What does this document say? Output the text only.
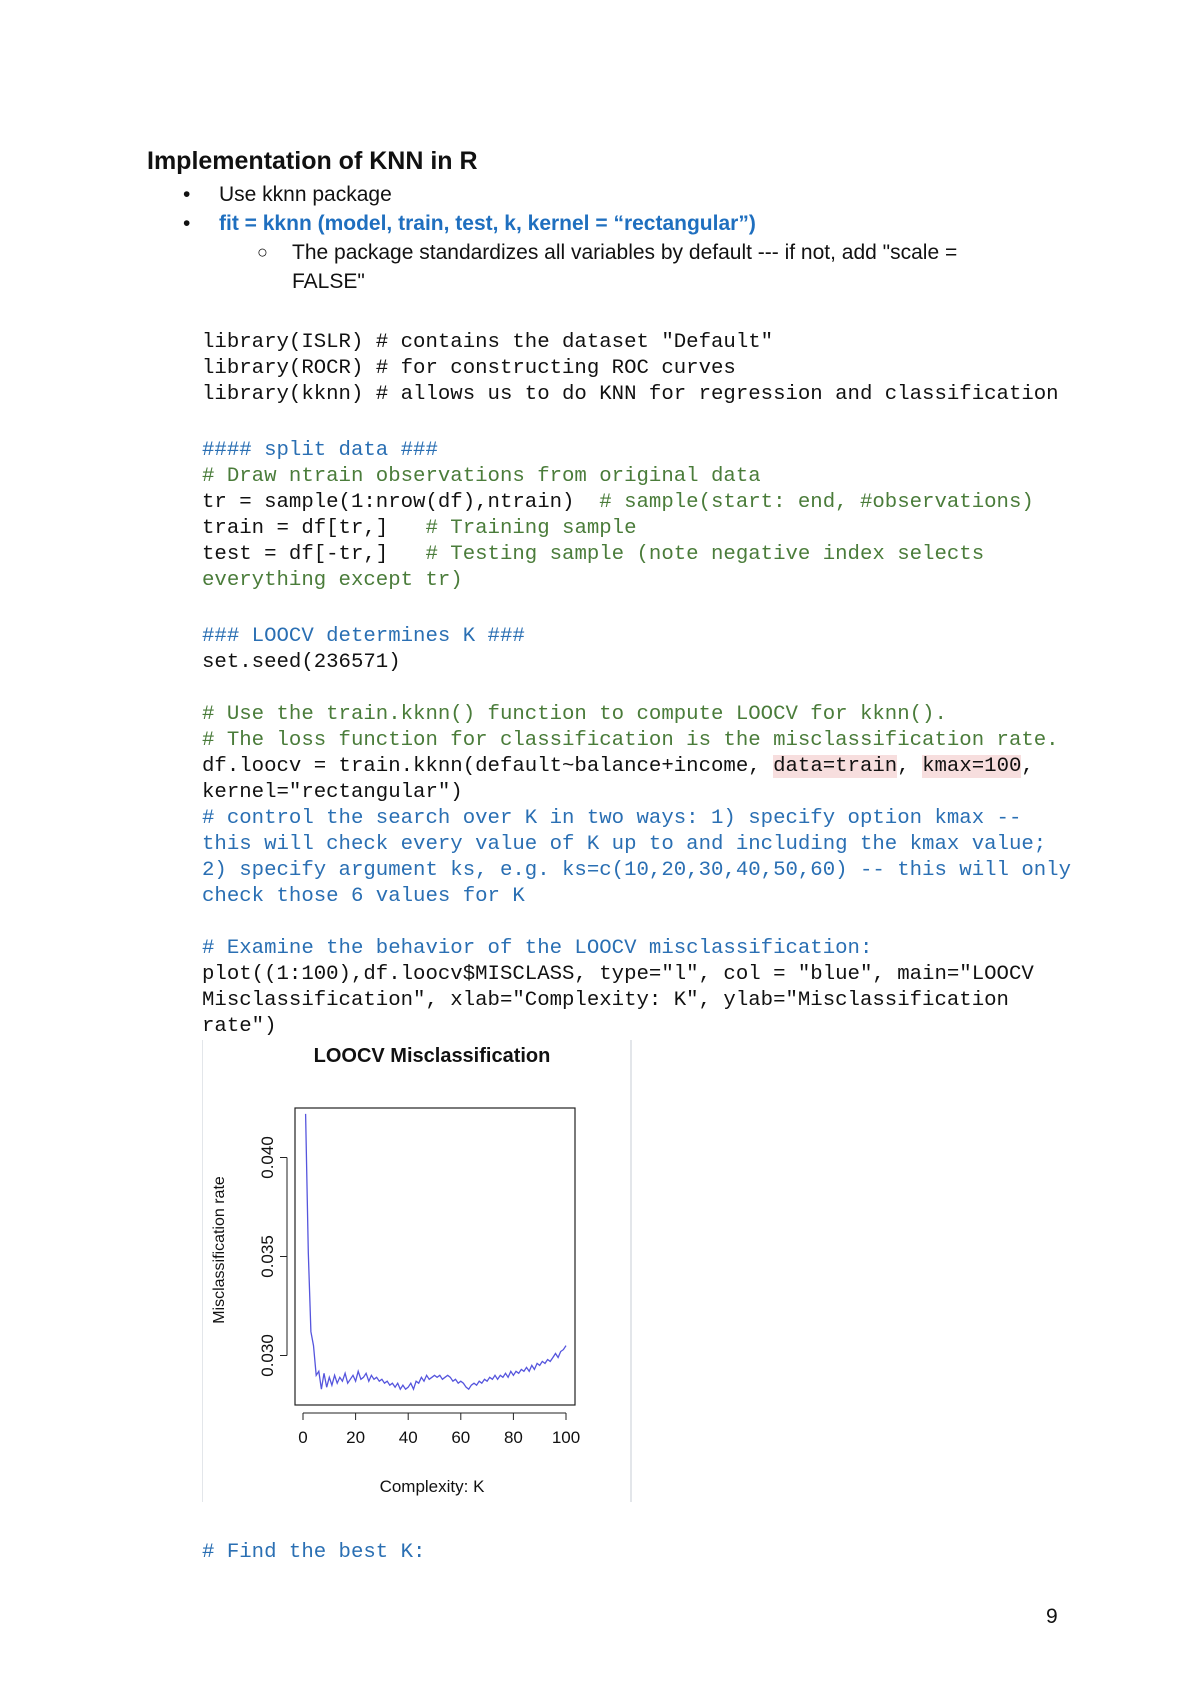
Implementation of KNN in R
• Use kknn package
• fit = kknn (model, train, test, k, kernel = “rectangular”)
○ The package standardizes all variables by default --- if not, add "scale = FALSE"
library(ISLR) # contains the dataset "Default"
library(ROCR) # for constructing ROC curves
library(kknn) # allows us to do KNN for regression and classification
#### split data ###
# Draw ntrain observations from original data
tr = sample(1:nrow(df),ntrain)  # sample(start: end, #observations)
train = df[tr,]   # Training sample
test = df[-tr,]   # Testing sample (note negative index selects
everything except tr)
### LOOCV determines K ###
set.seed(236571)
# Use the train.kknn() function to compute LOOCV for kknn().
# The loss function for classification is the misclassification rate.
df.loocv = train.kknn(default~balance+income, data=train, kmax=100,
kernel="rectangular")
# control the search over K in two ways: 1) specify option kmax --
this will check every value of K up to and including the kmax value;
2) specify argument ks, e.g. ks=c(10,20,30,40,50,60) -- this will only
check those 6 values for K
# Examine the behavior of the LOOCV misclassification:
plot((1:100),df.loocv$MISCLASS, type="l", col = "blue", main="LOOCV
Misclassification", xlab="Complexity: K", ylab="Misclassification
rate")
LOOCV Misclassification
0 20 40 60 80 100
0.030
0.035
0.040
Complexity: K
Misclassification rate
# Find the best K:
9
